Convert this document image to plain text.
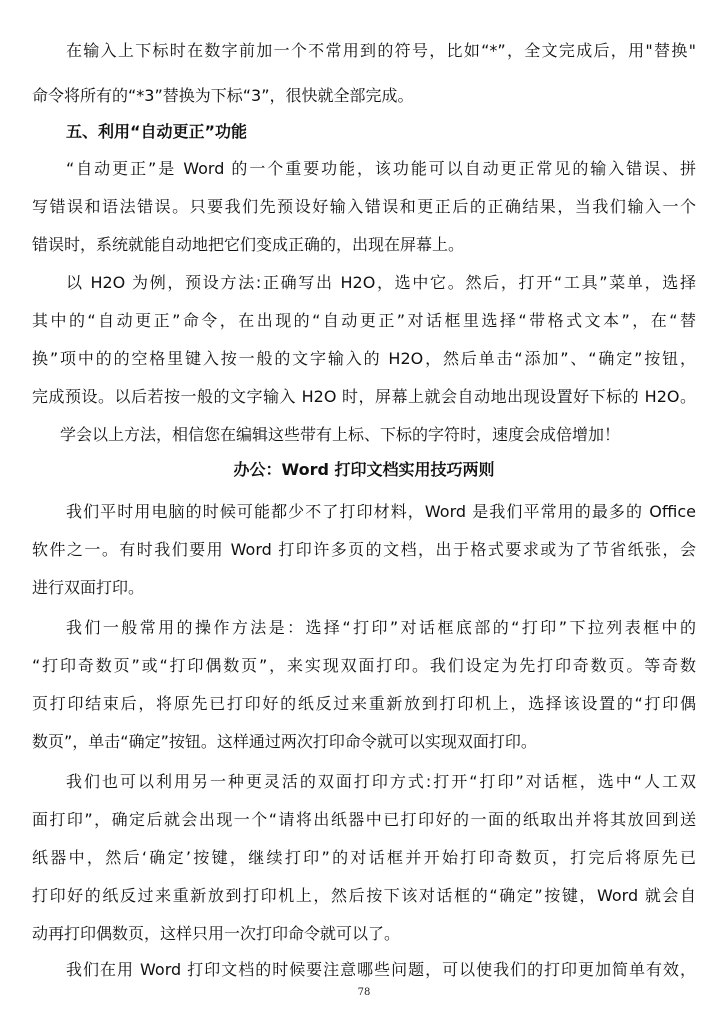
在输入上下标时在数字前加一个不常用到的符号，比如“*”，全文完成后，用"替换"
命令将所有的“*3”替换为下标“3”，很快就全部完成。
五、利用“自动更正”功能
“自动更正”是 Word 的一个重要功能，该功能可以自动更正常见的输入错误、拼
写错误和语法错误。只要我们先预设好输入错误和更正后的正确结果，当我们输入一个
错误时，系统就能自动地把它们变成正确的，出现在屏幕上。
以 H2O 为例，预设方法:正确写出 H2O，选中它。然后，打开“工具”菜单，选择
其中的“自动更正”命令，在出现的“自动更正”对话框里选择“带格式文本”，在“替
换”项中的的空格里键入按一般的文字输入的 H2O，然后单击“添加”、“确定”按钮，
完成预设。以后若按一般的文字输入 H2O 时，屏幕上就会自动地出现设置好下标的 H2O。
学会以上方法，相信您在编辑这些带有上标、下标的字符时，速度会成倍增加！
办公：Word 打印文档实用技巧两则
我们平时用电脑的时候可能都少不了打印材料，Word 是我们平常用的最多的 Office
软件之一。有时我们要用 Word 打印许多页的文档，出于格式要求或为了节省纸张，会
进行双面打印。
我们一般常用的操作方法是：选择“打印”对话框底部的“打印”下拉列表框中的
“打印奇数页”或“打印偶数页”，来实现双面打印。我们设定为先打印奇数页。等奇数
页打印结束后，将原先已打印好的纸反过来重新放到打印机上，选择该设置的“打印偶
数页”，单击“确定”按钮。这样通过两次打印命令就可以实现双面打印。
我们也可以利用另一种更灵活的双面打印方式:打开“打印”对话框，选中“人工双
面打印”，确定后就会出现一个“请将出纸器中已打印好的一面的纸取出并将其放回到送
纸器中，然后‘确定’按键，继续打印”的对话框并开始打印奇数页，打完后将原先已
打印好的纸反过来重新放到打印机上，然后按下该对话框的“确定”按键，Word 就会自
动再打印偶数页，这样只用一次打印命令就可以了。
我们在用 Word 打印文档的时候要注意哪些问题，可以使我们的打印更加简单有效，
78
